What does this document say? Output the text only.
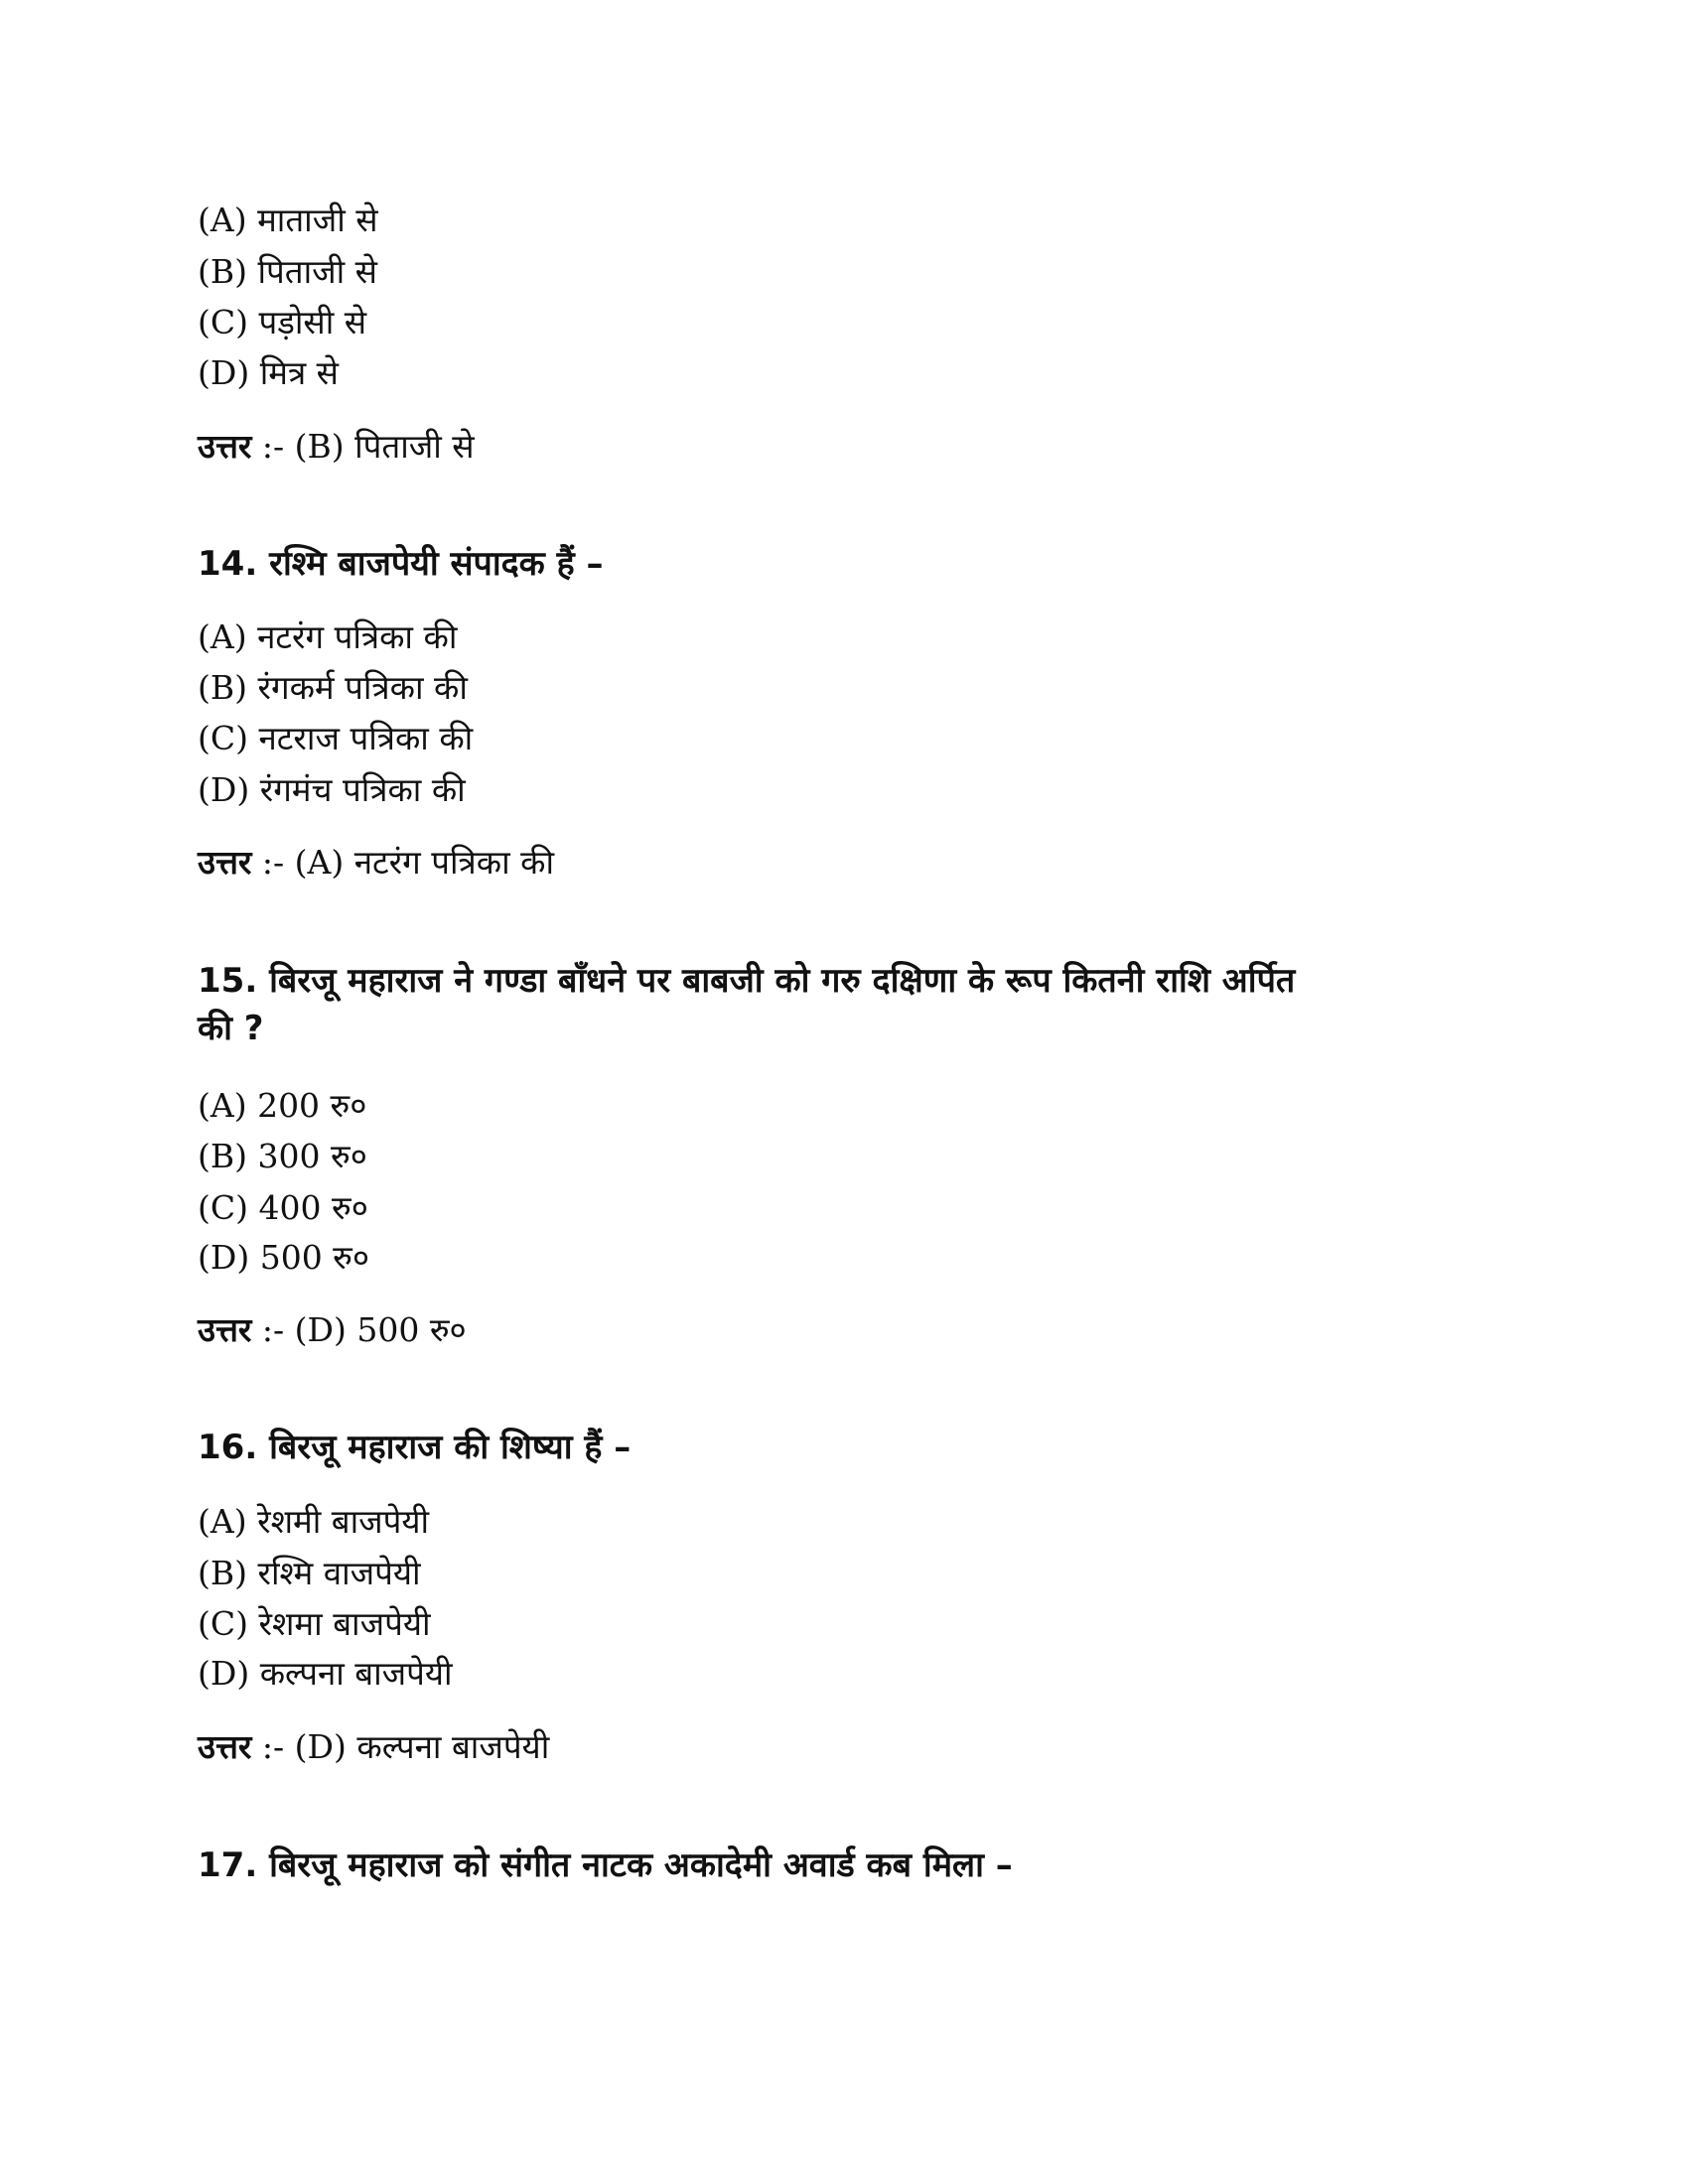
(A) माताजी से
(B) पिताजी से
(C) पड़ोसी से
(D) मित्र से
उत्तर :- (B) पिताजी से
14. रश्मि बाजपेयी संपादक हैं –
(A) नटरंग पत्रिका की
(B) रंगकर्म पत्रिका की
(C) नटराज पत्रिका की
(D) रंगमंच पत्रिका की
उत्तर :- (A) नटरंग पत्रिका की
15. बिरजू महाराज ने गण्डा बाँधने पर बाबजी को गरु दक्षिणा के रूप कितनी राशि अर्पित
की ?
(A) 200 रु०
(B) 300 रु०
(C) 400 रु०
(D) 500 रु०
उत्तर :- (D) 500 रु०
16. बिरजू महाराज की शिष्या हैं –
(A) रेशमी बाजपेयी
(B) रश्मि वाजपेयी
(C) रेशमा बाजपेयी
(D) कल्पना बाजपेयी
उत्तर :- (D) कल्पना बाजपेयी
17. बिरजू महाराज को संगीत नाटक अकादेमी अवार्ड कब मिला –
